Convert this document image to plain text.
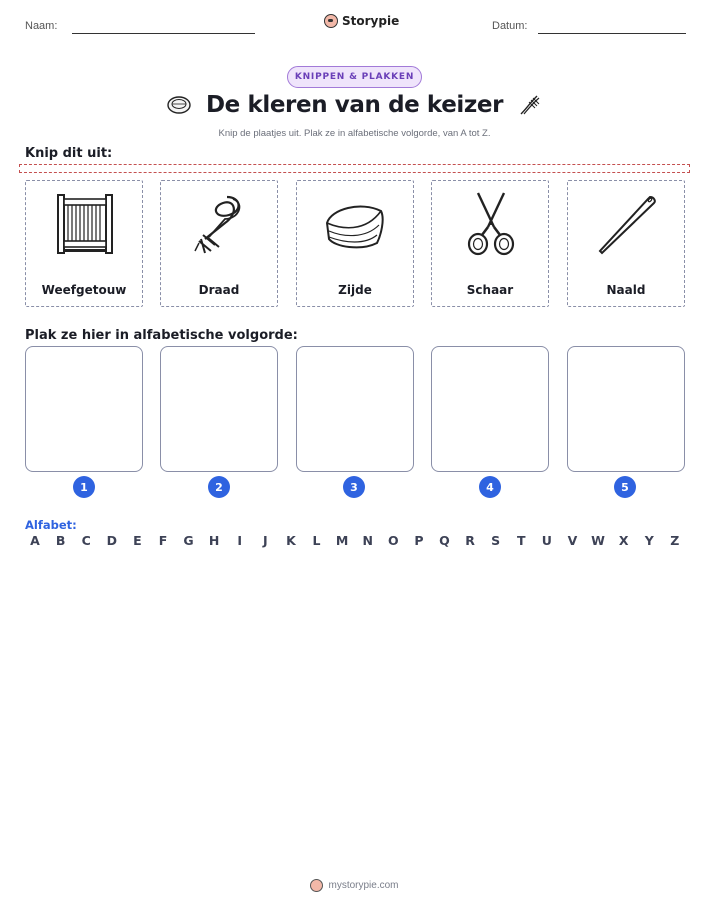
Naam:	Storypie	Datum:
KNIPPEN & PLAKKEN
De kleren van de keizer
Knip de plaatjes uit. Plak ze in alfabetische volgorde, van A tot Z.
Knip dit uit:
Weefgetouw	Draad	Zijde	Schaar	Naald
Plak ze hier in alfabetische volgorde:
1	2	3	4	5
Alfabet:
A	B	C	D	E	F	G	H	I	J	K	L	M	N	O	P	Q	R	S	T	U	V	W	X	Y	Z
mystorypie.com
